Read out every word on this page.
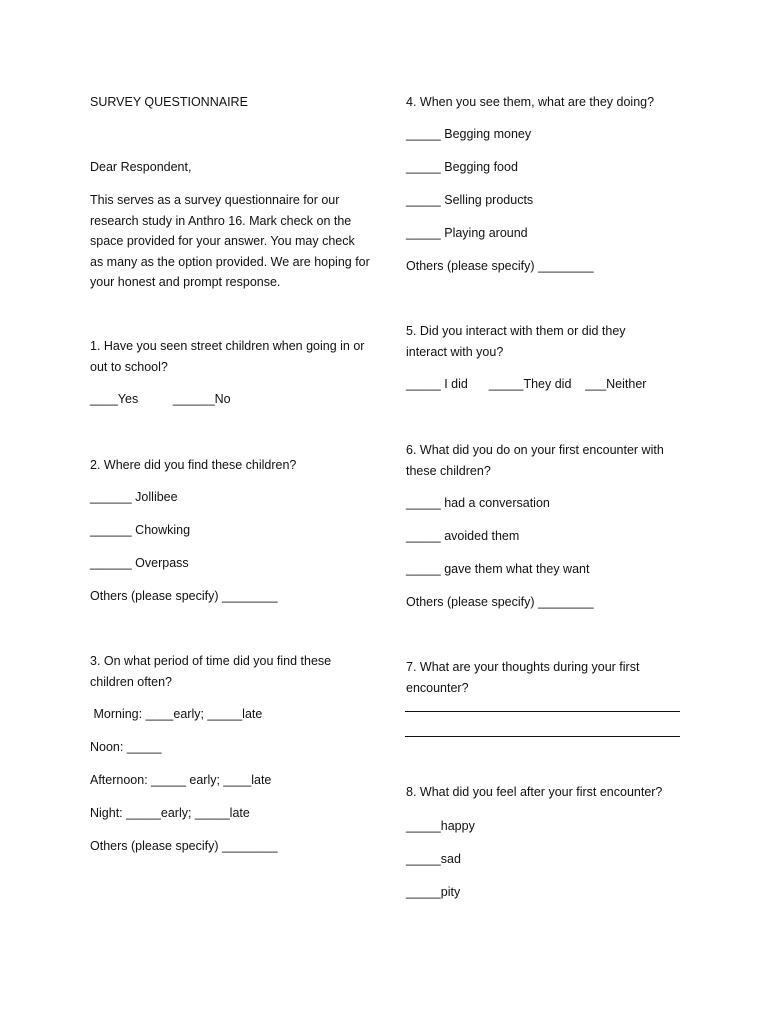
SURVEY QUESTIONNAIRE

Dear Respondent,

This serves as a survey questionnaire for our research study in Anthro 16. Mark check on the space provided for your answer. You may check as many as the option provided. We are hoping for your honest and prompt response.

1. Have you seen street children when going in or out to school?

____Yes          ______No

2. Where did you find these children?

______ Jollibee

______ Chowking

______ Overpass

Others (please specify) ________

3. On what period of time did you find these children often?

Morning: ____early; _____late

Noon: _____

Afternoon: _____ early; ____late

Night: _____early; _____late

Others (please specify) ________

4. When you see them, what are they doing?

_____ Begging money

_____ Begging food

_____ Selling products

_____ Playing around

Others (please specify) ________

5. Did you interact with them or did they interact with you?

_____ I did      _____They did    ___Neither

6. What did you do on your first encounter with these children?

_____ had a conversation

_____ avoided them

_____ gave them what they want

Others (please specify) ________

7. What are your thoughts during your first encounter?

8. What did you feel after your first encounter?

_____happy

_____sad

_____pity
